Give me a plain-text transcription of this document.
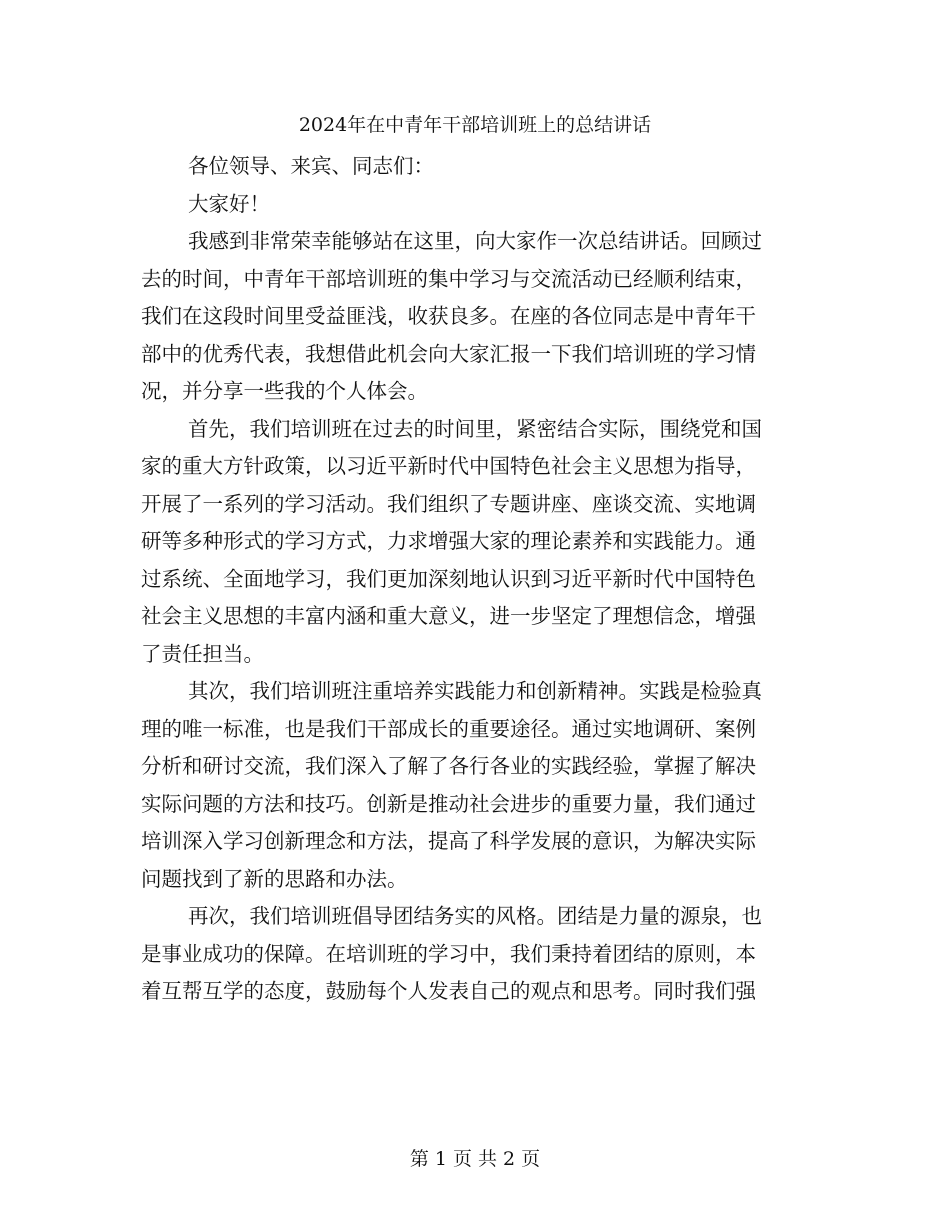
2024年在中青年干部培训班上的总结讲话
各位领导、来宾、同志们：
大家好！
我感到非常荣幸能够站在这里，向大家作一次总结讲话。回顾过
去的时间，中青年干部培训班的集中学习与交流活动已经顺利结束，
我们在这段时间里受益匪浅，收获良多。在座的各位同志是中青年干
部中的优秀代表，我想借此机会向大家汇报一下我们培训班的学习情
况，并分享一些我的个人体会。
首先，我们培训班在过去的时间里，紧密结合实际，围绕党和国
家的重大方针政策，以习近平新时代中国特色社会主义思想为指导，
开展了一系列的学习活动。我们组织了专题讲座、座谈交流、实地调
研等多种形式的学习方式，力求增强大家的理论素养和实践能力。通
过系统、全面地学习，我们更加深刻地认识到习近平新时代中国特色
社会主义思想的丰富内涵和重大意义，进一步坚定了理想信念，增强
了责任担当。
其次，我们培训班注重培养实践能力和创新精神。实践是检验真
理的唯一标准，也是我们干部成长的重要途径。通过实地调研、案例
分析和研讨交流，我们深入了解了各行各业的实践经验，掌握了解决
实际问题的方法和技巧。创新是推动社会进步的重要力量，我们通过
培训深入学习创新理念和方法，提高了科学发展的意识，为解决实际
问题找到了新的思路和办法。
再次，我们培训班倡导团结务实的风格。团结是力量的源泉，也
是事业成功的保障。在培训班的学习中，我们秉持着团结的原则，本
着互帮互学的态度，鼓励每个人发表自己的观点和思考。同时我们强
第 1 页 共 2 页
